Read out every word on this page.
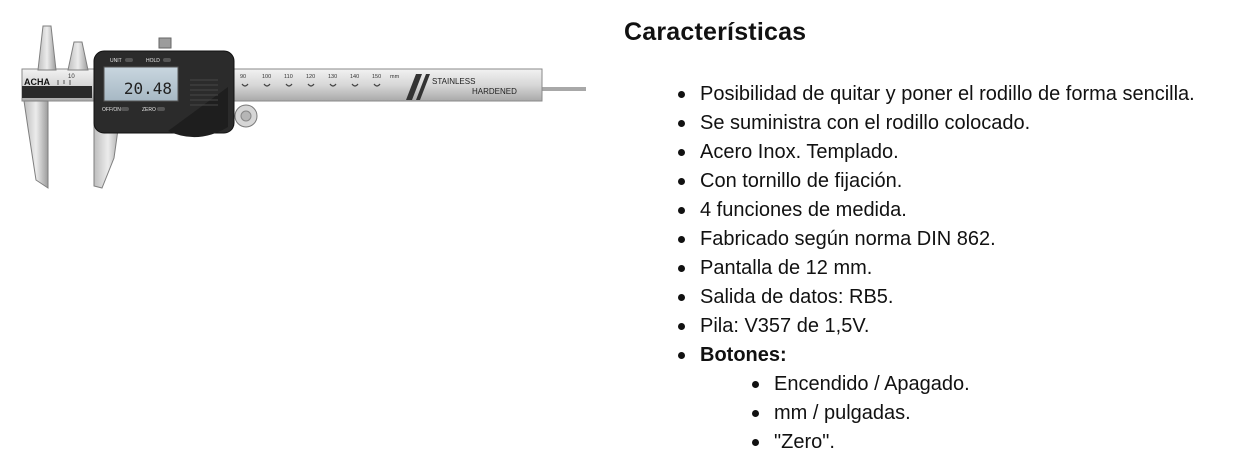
ACHA	10	90	100 110 120 130 140 150 mm	STAINLESS
HARDENED
20.48
UNIT	HOLD
OFF/ON	ZERO
Características
Posibilidad de quitar y poner el rodillo de forma sencilla.
Se suministra con el rodillo colocado.
Acero Inox. Templado.
Con tornillo de fijación.
4 funciones de medida.
Fabricado según norma DIN 862.
Pantalla de 12 mm.
Salida de datos: RB5.
Pila: V357 de 1,5V.
Botones:
Encendido / Apagado.
mm / pulgadas.
"Zero".
